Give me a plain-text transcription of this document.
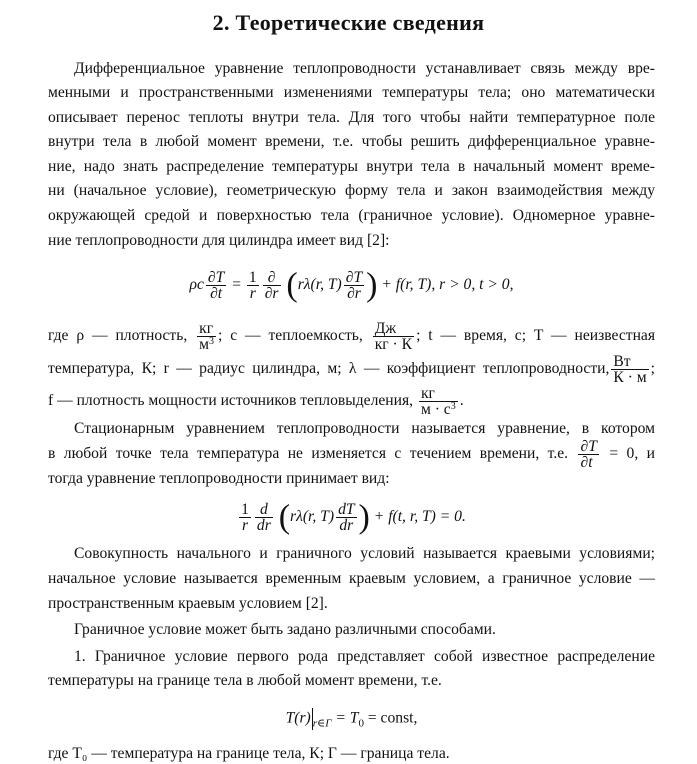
2. Теоретические сведения
Дифференциальное уравнение теплопроводности устанавливает связь между вре-
менными и пространственными изменениями температуры тела; оно математически
описывает перенос теплоты внутри тела. Для того чтобы найти температурное поле
внутри тела в любой момент времени, т.е. чтобы решить дифференциальное уравне-
ние, надо знать распределение температуры внутри тела в начальный момент време-
ни (начальное условие), геометрическую форму тела и закон взаимодействия между
окружающей средой и поверхностью тела (граничное условие). Одномерное уравне-
ние теплопроводности для цилиндра имеет вид [2]:
ρc $\frac{\partial T}{\partial t} = \frac{1}{r} \frac{\partial}{\partial r} (r\lambda(r$, $T) \frac{\partial T}{\partial r}$ ) + f(r, T), r > 0, t > 0,
где ρ — плотность, $\frac{кг}{м^3}$ ; c — теплоемкость, $\frac{Дж}{кг \cdot К}$ ; t — время, с; T — неизвестная
температура, К; r — радиус цилиндра, м; λ — коэффициент теплопроводности, $\frac{Вт}{К \cdot м}$ ;
f — плотность мощности источников тепловыделения, $\frac{кг}{м \cdot с^3}$ .
Стационарным уравнением теплопроводности называется уравнение, в котором
в любой точке тела температура не изменяется с течением времени, т.е. $\frac{\partial T}{\partial t} = 0$, и
тогда уравнение теплопроводности принимает вид:
$\frac{1}{r} \frac{d}{dr} (r\lambda(r$, $T) \frac{dT}{dr}$ ) + f(t, r, T) = 0.
Совокупность начального и граничного условий называется краевыми условиями;
начальное условие называется временным краевым условием, а граничное условие —
пространственным краевым условием [2].
Граничное условие может быть задано различными способами.
1. Граничное условие первого рода представляет собой известное распределение
температуры на границе тела в любой момент времени, т.е.
T(r) $_{r\in\Gamma} = T_0$ = const,
где T₀ — температура на границе тела, К; Γ — граница тела.
